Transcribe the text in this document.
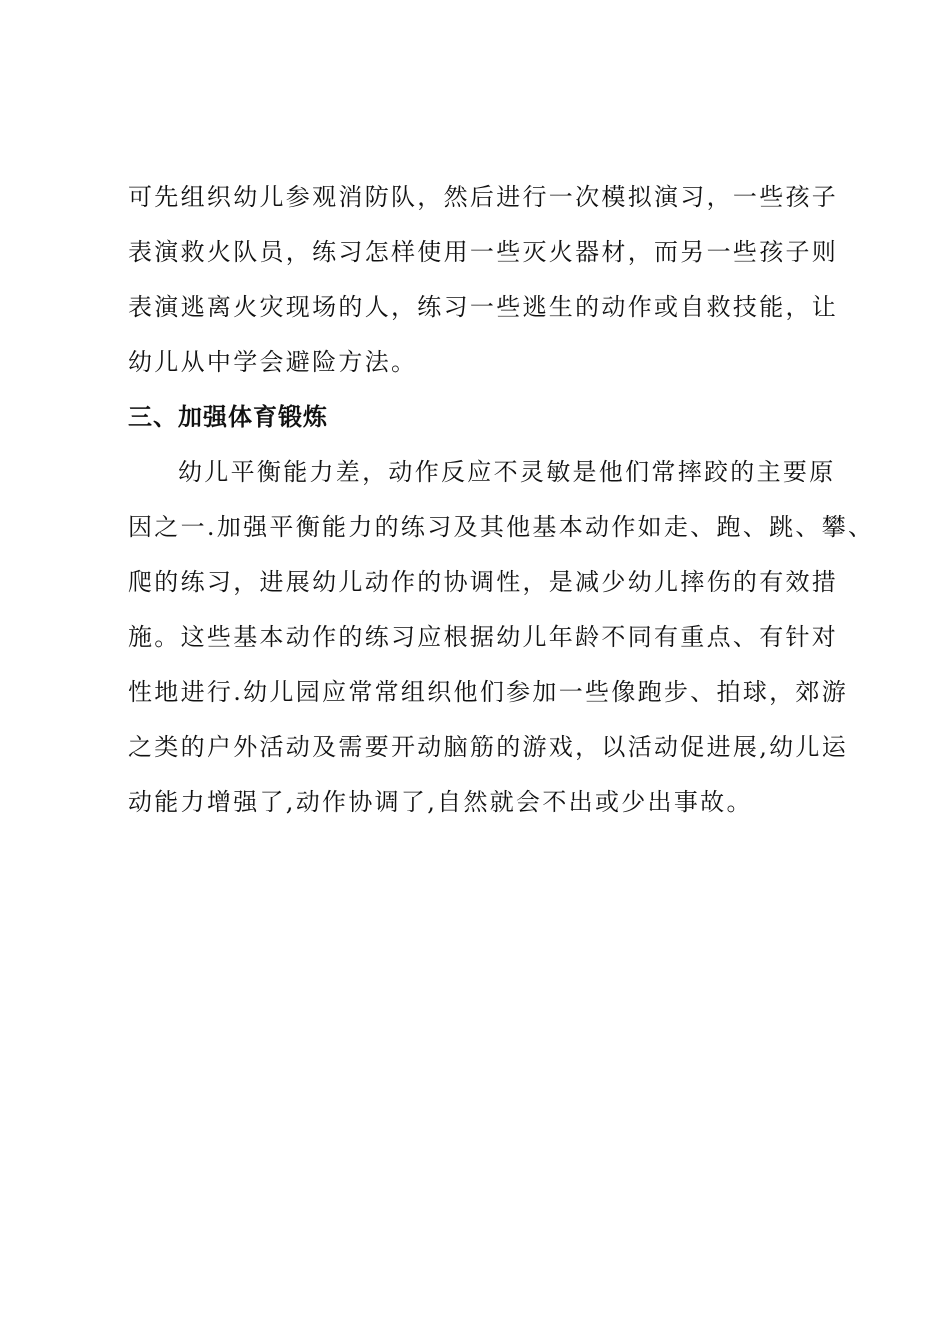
可先组织幼儿参观消防队，然后进行一次模拟演习，一些孩子
表演救火队员，练习怎样使用一些灭火器材，而另一些孩子则
表演逃离火灾现场的人，练习一些逃生的动作或自救技能，让
幼儿从中学会避险方法。
三、加强体育锻炼
幼儿平衡能力差，动作反应不灵敏是他们常摔跤的主要原
因之一.加强平衡能力的练习及其他基本动作如走、跑、跳、攀、
爬的练习，进展幼儿动作的协调性，是减少幼儿摔伤的有效措
施。这些基本动作的练习应根据幼儿年龄不同有重点、有针对
性地进行.幼儿园应常常组织他们参加一些像跑步、拍球，郊游
之类的户外活动及需要开动脑筋的游戏，以活动促进展,幼儿运
动能力增强了,动作协调了,自然就会不出或少出事故。
